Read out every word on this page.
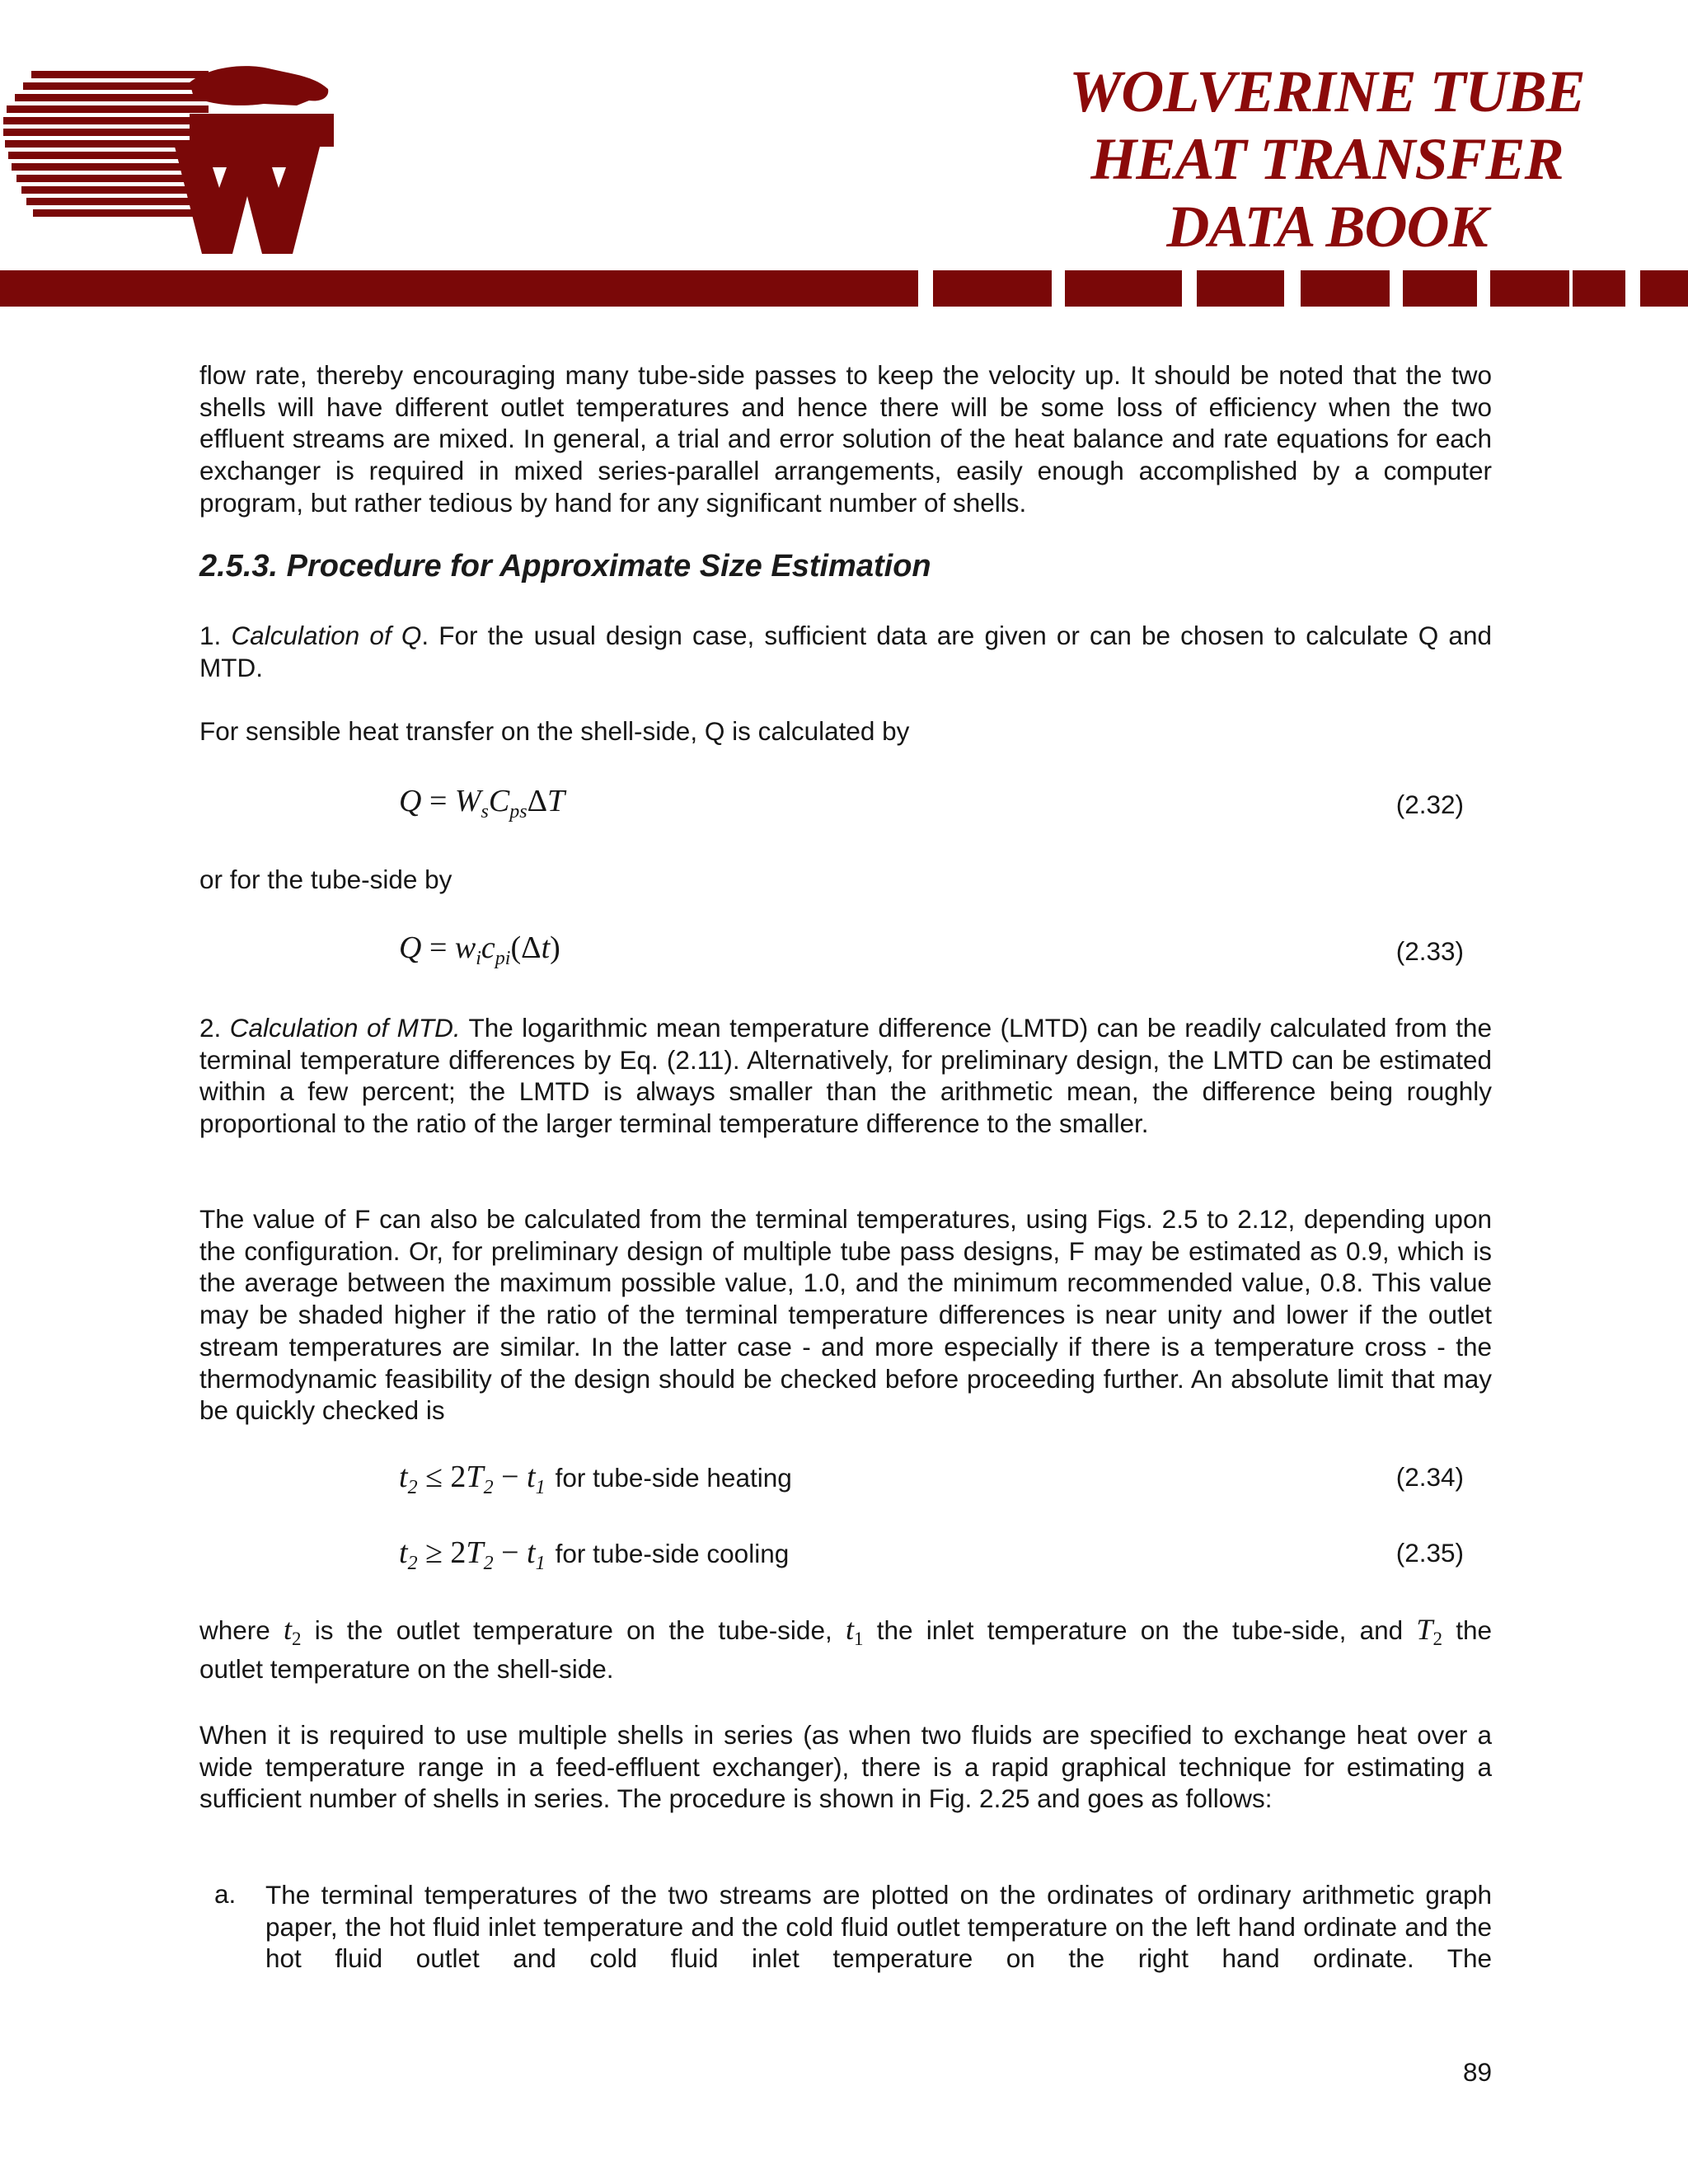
WOLVERINE TUBE
HEAT TRANSFER
DATA BOOK
flow rate, thereby encouraging many tube-side passes to keep the velocity up. It should be noted that the two shells will have different outlet temperatures and hence there will be some loss of efficiency when the two effluent streams are mixed. In general, a trial and error solution of the heat balance and rate equations for each exchanger is required in mixed series-parallel arrangements, easily enough accomplished by a computer program, but rather tedious by hand for any significant number of shells.
2.5.3. Procedure for Approximate Size Estimation
1. Calculation of Q. For the usual design case, sufficient data are given or can be chosen to calculate Q and MTD.
For sensible heat transfer on the shell-side, Q is calculated by
$Q = W_sC_{ps}\Delta T$	(2.32)
or for the tube-side by
$Q = w_ic_{pi}(\Delta t)$	(2.33)
2. Calculation of MTD. The logarithmic mean temperature difference (LMTD) can be readily calculated from the terminal temperature differences by Eq. (2.11). Alternatively, for preliminary design, the LMTD can be estimated within a few percent; the LMTD is always smaller than the arithmetic mean, the difference being roughly proportional to the ratio of the larger terminal temperature difference to the smaller.
The value of F can also be calculated from the terminal temperatures, using Figs. 2.5 to 2.12, depending upon the configuration. Or, for preliminary design of multiple tube pass designs, F may be estimated as 0.9, which is the average between the maximum possible value, 1.0, and the minimum recommended value, 0.8. This value may be shaded higher if the ratio of the terminal temperature differences is near unity and lower if the outlet stream temperatures are similar. In the latter case - and more especially if there is a temperature cross - the thermodynamic feasibility of the design should be checked before proceeding further. An absolute limit that may be quickly checked is
$t_2 \le 2T_2 - t_1$ for tube-side heating	(2.34)
$t_2 \ge 2T_2 - t_1$ for tube-side cooling	(2.35)
where $t_2$ is the outlet temperature on the tube-side, $t_1$ the inlet temperature on the tube-side, and $T_2$ the
outlet temperature on the shell-side.
When it is required to use multiple shells in series (as when two fluids are specified to exchange heat over a wide temperature range in a feed-effluent exchanger), there is a rapid graphical technique for estimating a sufficient number of shells in series. The procedure is shown in Fig. 2.25 and goes as follows:
a. The terminal temperatures of the two streams are plotted on the ordinates of ordinary arithmetic graph paper, the hot fluid inlet temperature and the cold fluid outlet temperature on the left hand ordinate and the hot fluid outlet and cold fluid inlet temperature on the right hand ordinate. The
89
